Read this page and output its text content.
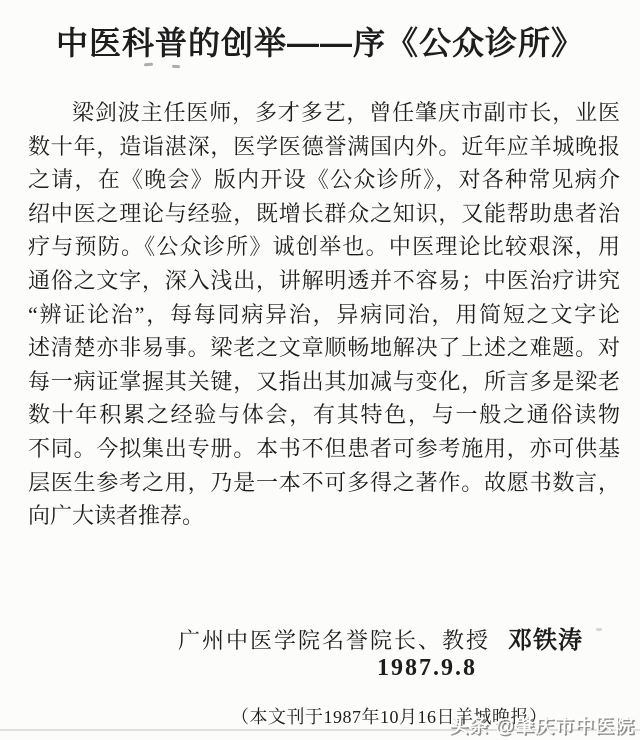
中医科普的创举——序《公众诊所》
梁剑波主任医师，多才多艺，曾任肇庆市副市长，业医
数十年，造诣湛深，医学医德誉满国内外。近年应羊城晚报
之请，在《晚会》版内开设《公众诊所》，对各种常见病介
绍中医之理论与经验，既增长群众之知识，又能帮助患者治
疗与预防。《公众诊所》诚创举也。中医理论比较艰深，用
通俗之文字，深入浅出，讲解明透并不容易；中医治疗讲究
“辨证论治”，每每同病异治，异病同治，用简短之文字论
述清楚亦非易事。梁老之文章顺畅地解决了上述之难题。对
每一病证掌握其关键，又指出其加减与变化，所言多是梁老
数十年积累之经验与体会，有其特色，与一般之通俗读物
不同。今拟集出专册。本书不但患者可参考施用，亦可供基
层医生参考之用，乃是一本不可多得之著作。故愿书数言，
向广大读者推荐。
广州中医学院名誉院长、教授 邓铁涛
1987.9.8
（本文刊于1987年10月16日羊城晚报）
头条 @肇庆市中医院
